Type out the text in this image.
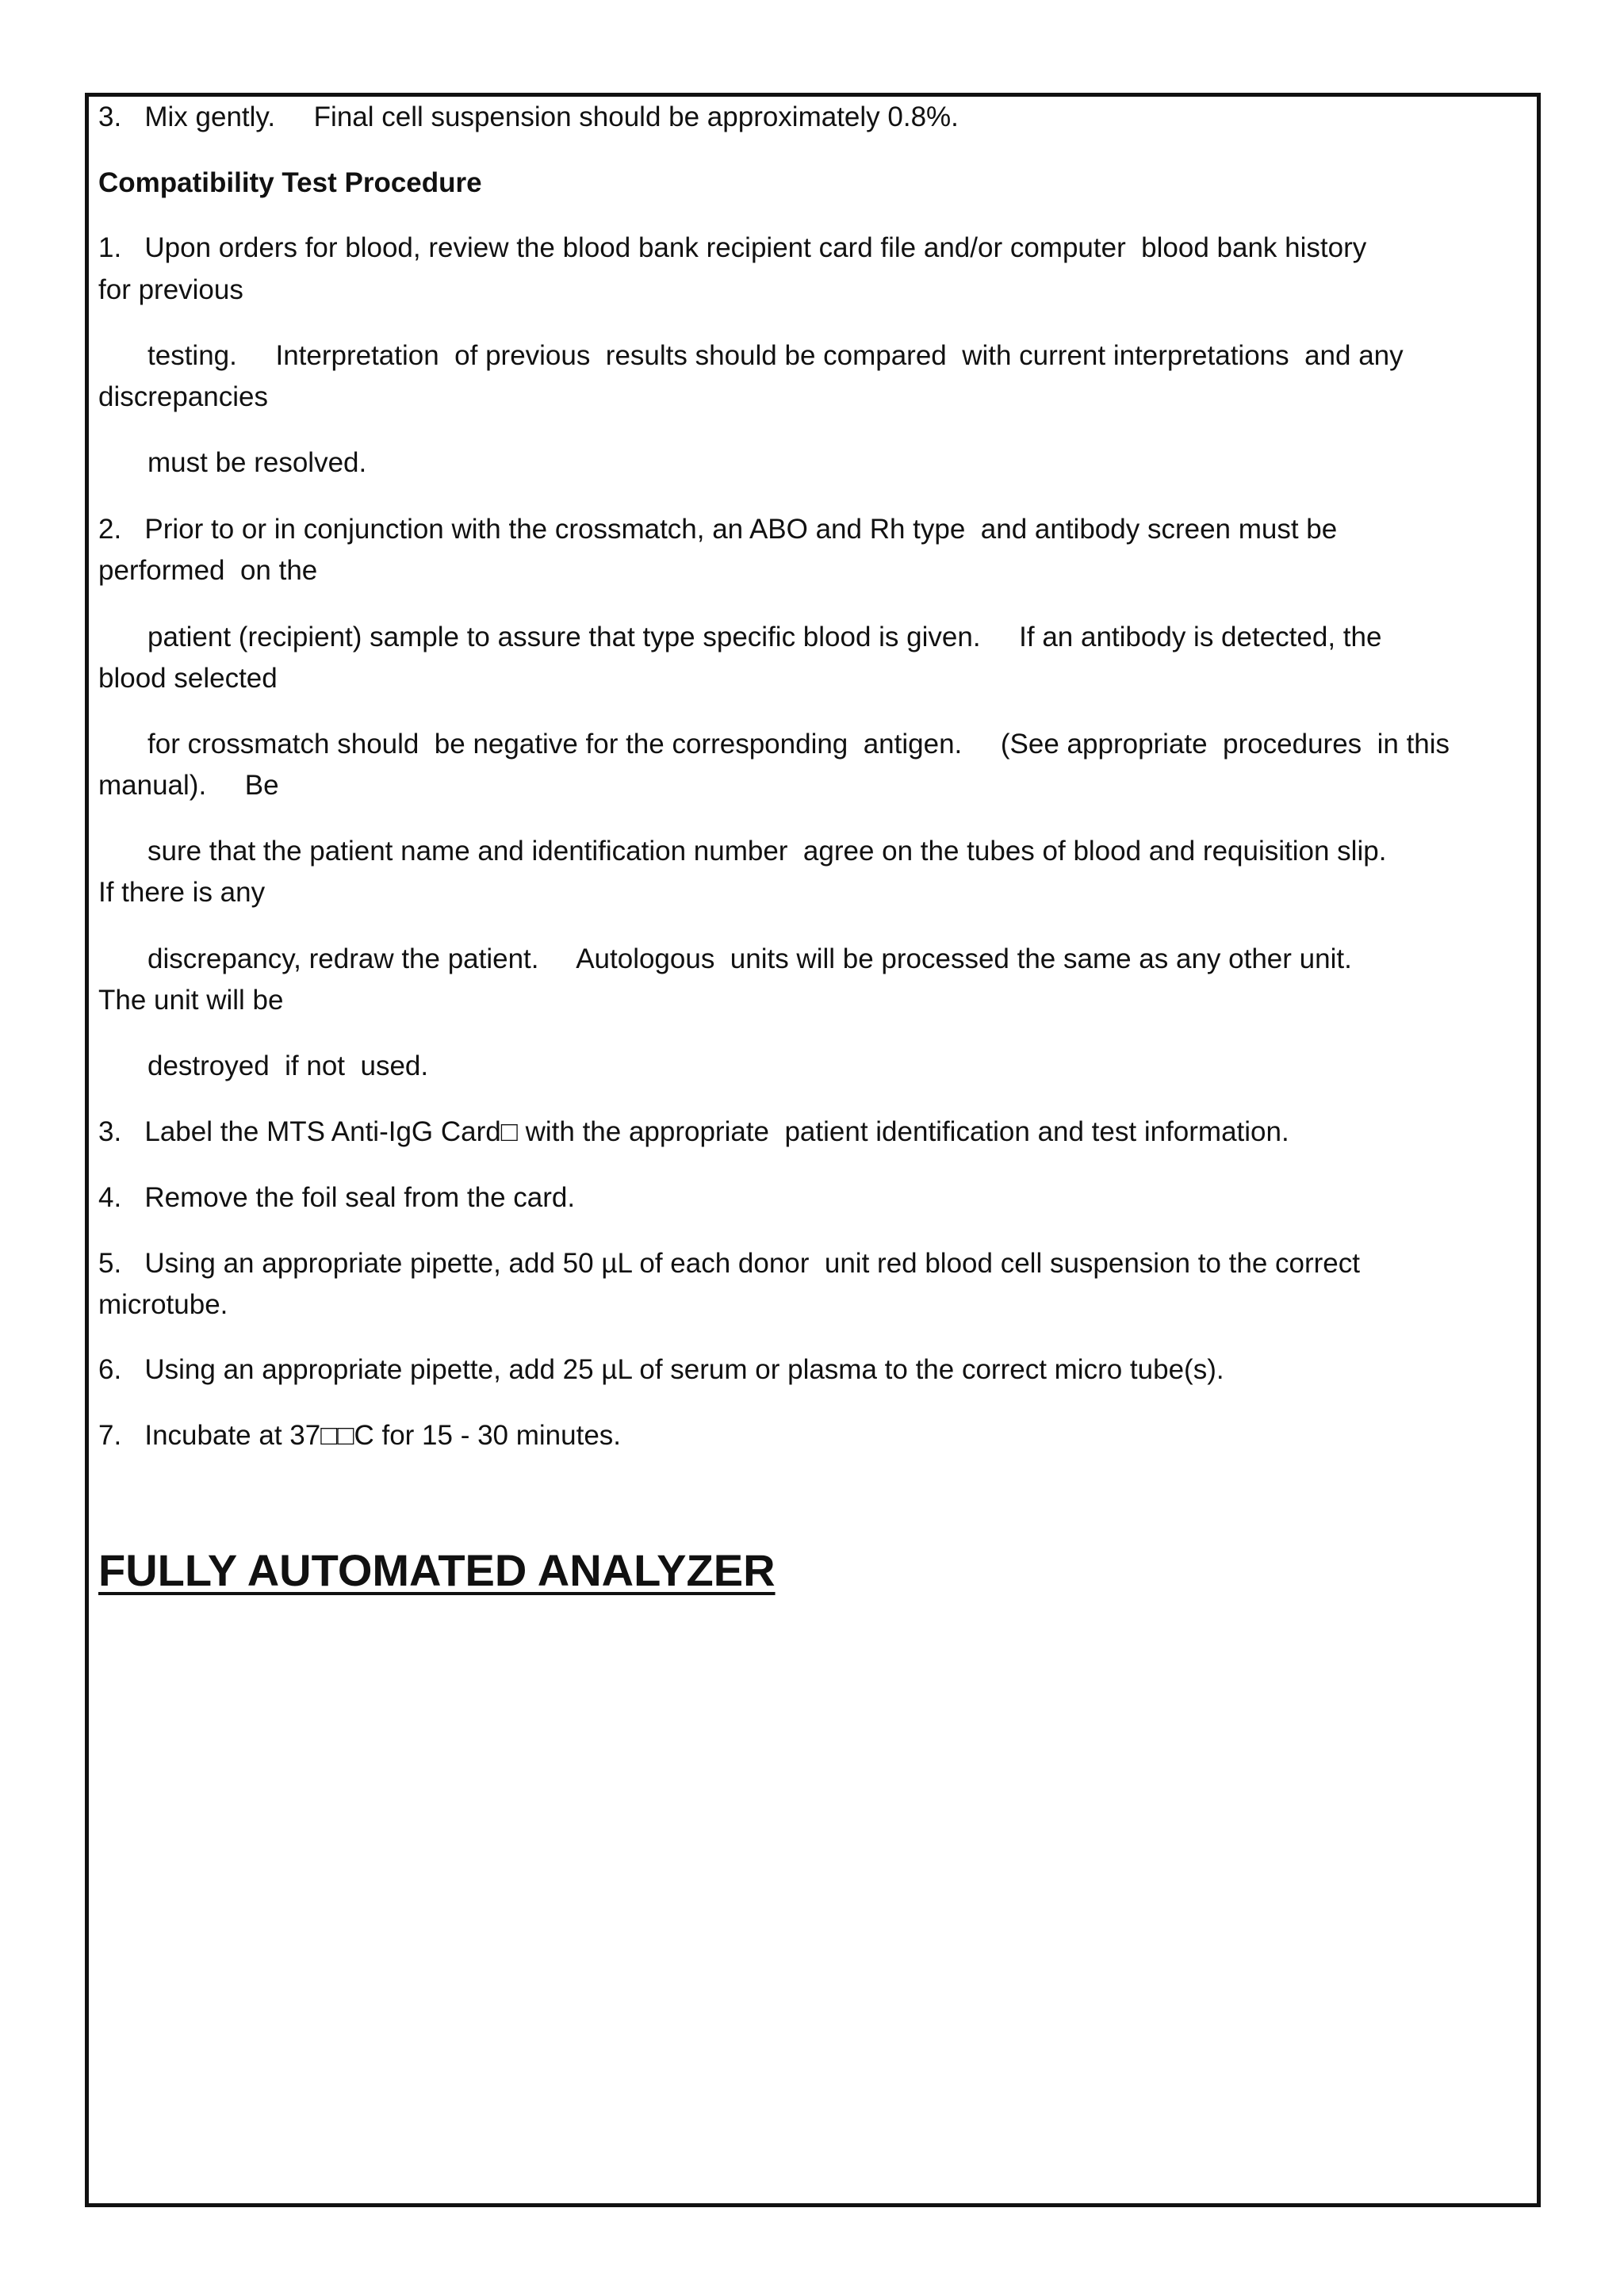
3.   Mix gently.     Final cell suspension should be approximately 0.8%.

Compatibility Test Procedure

1.   Upon orders for blood, review the blood bank recipient card file and/or computer  blood bank history

for previous

testing.     Interpretation  of previous  results should be compared  with current interpretations  and any

discrepancies

must be resolved.

2.   Prior to or in conjunction with the crossmatch, an ABO and Rh type  and antibody screen must be

performed  on the

patient (recipient) sample to assure that type specific blood is given.     If an antibody is detected, the

blood selected

for crossmatch should  be negative for the corresponding  antigen.     (See appropriate  procedures  in this

manual).     Be

sure that the patient name and identification number  agree on the tubes of blood and requisition slip.

If there is any

discrepancy, redraw the patient.     Autologous  units will be processed the same as any other unit.

The unit will be

destroyed  if not  used.

3.   Label the MTS Anti-IgG Card□ with the appropriate  patient identification and test information.

4.   Remove the foil seal from the card.

5.   Using an appropriate pipette, add 50 µL of each donor  unit red blood cell suspension to the correct

microtube.

6.   Using an appropriate pipette, add 25 µL of serum or plasma to the correct micro tube(s).

7.   Incubate at 37□□C for 15 - 30 minutes.

FULLY AUTOMATED ANALYZER
